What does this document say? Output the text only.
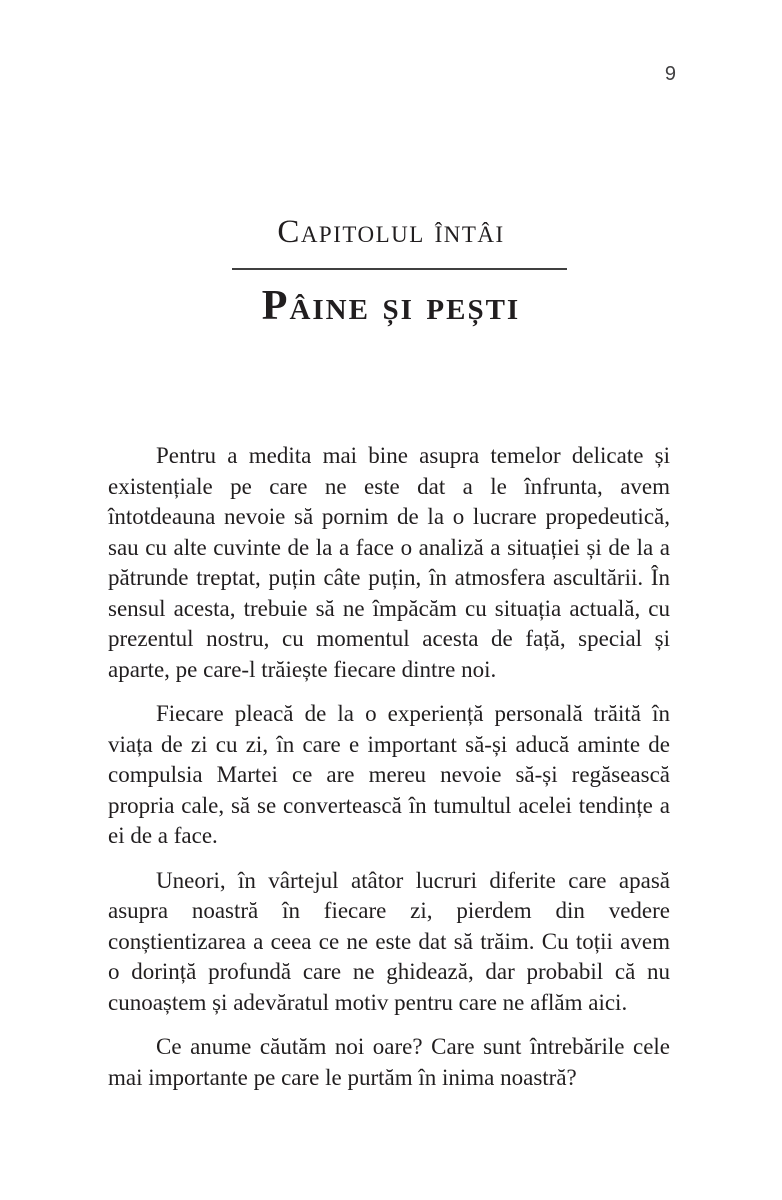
9
Capitolul întâi
Pâine și pești

Pentru a medita mai bine asupra temelor delicate și existențiale pe care ne este dat a le înfrunta, avem întotdeauna nevoie să pornim de la o lucrare propedeutică, sau cu alte cuvinte de la a face o analiză a situației și de la a pătrunde treptat, puțin câte puțin, în atmosfera ascultării. În sensul acesta, trebuie să ne împăcăm cu situația actuală, cu prezentul nostru, cu momentul acesta de față, special și aparte, pe care-l trăiește fiecare dintre noi.

Fiecare pleacă de la o experiență personală trăită în viața de zi cu zi, în care e important să-și aducă aminte de compulsia Martei ce are mereu nevoie să-și regăsească propria cale, să se convertească în tumultul acelei tendințe a ei de a face.

Uneori, în vârtejul atâtor lucruri diferite care apasă asupra noastră în fiecare zi, pierdem din vedere conștientizarea a ceea ce ne este dat să trăim. Cu toții avem o dorință profundă care ne ghidează, dar probabil că nu cunoaștem și adevăratul motiv pentru care ne aflăm aici.

Ce anume căutăm noi oare? Care sunt întrebările cele mai importante pe care le purtăm în inima noastră?
